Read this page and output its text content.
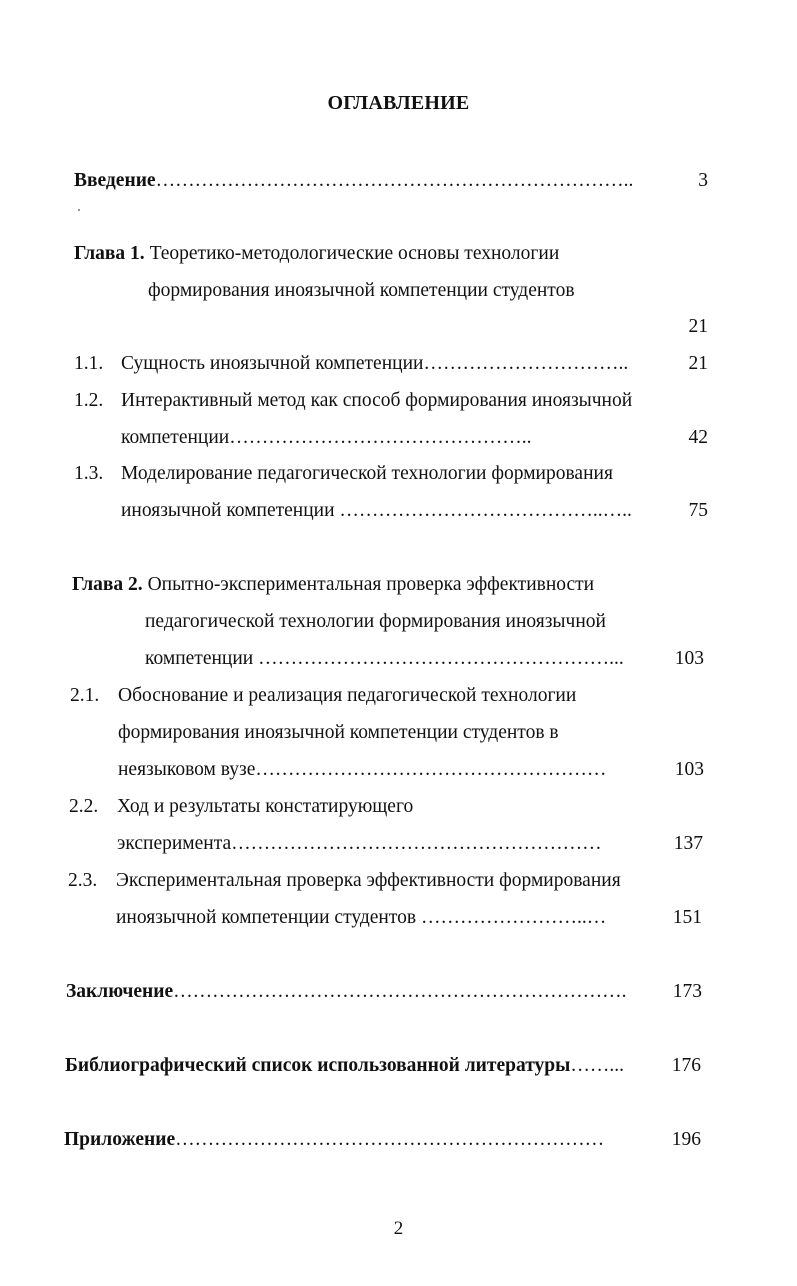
ОГЛАВЛЕНИЕ
Введение………………………………………………………………..	3
Глава 1. Теоретико-методологические основы технологии
формирования иноязычной компетенции студентов
21
1.1. Сущность иноязычной компетенции…………………………..	21
1.2. Интерактивный метод как способ формирования иноязычной
компетенции………………………………………..	42
1.3. Моделирование педагогической технологии формирования
иноязычной компетенции …………………………………..…..	75
Глава 2. Опытно-экспериментальная проверка эффективности
педагогической технологии формирования иноязычной
компетенции ………………………………………………...	103
2.1. Обоснование и реализация педагогической технологии
формирования иноязычной компетенции студентов в
неязыковом вузе………………………………………………	103
2.2. Ход и результаты констатирующего
эксперимента…………………………………………………	137
2.3. Экспериментальная проверка эффективности формирования
иноязычной компетенции студентов ……………………..…	151
Заключение…………………………………………………………….	173
Библиографический список использованной литературы……...	176
Приложение…………………………………………………………	196
2
